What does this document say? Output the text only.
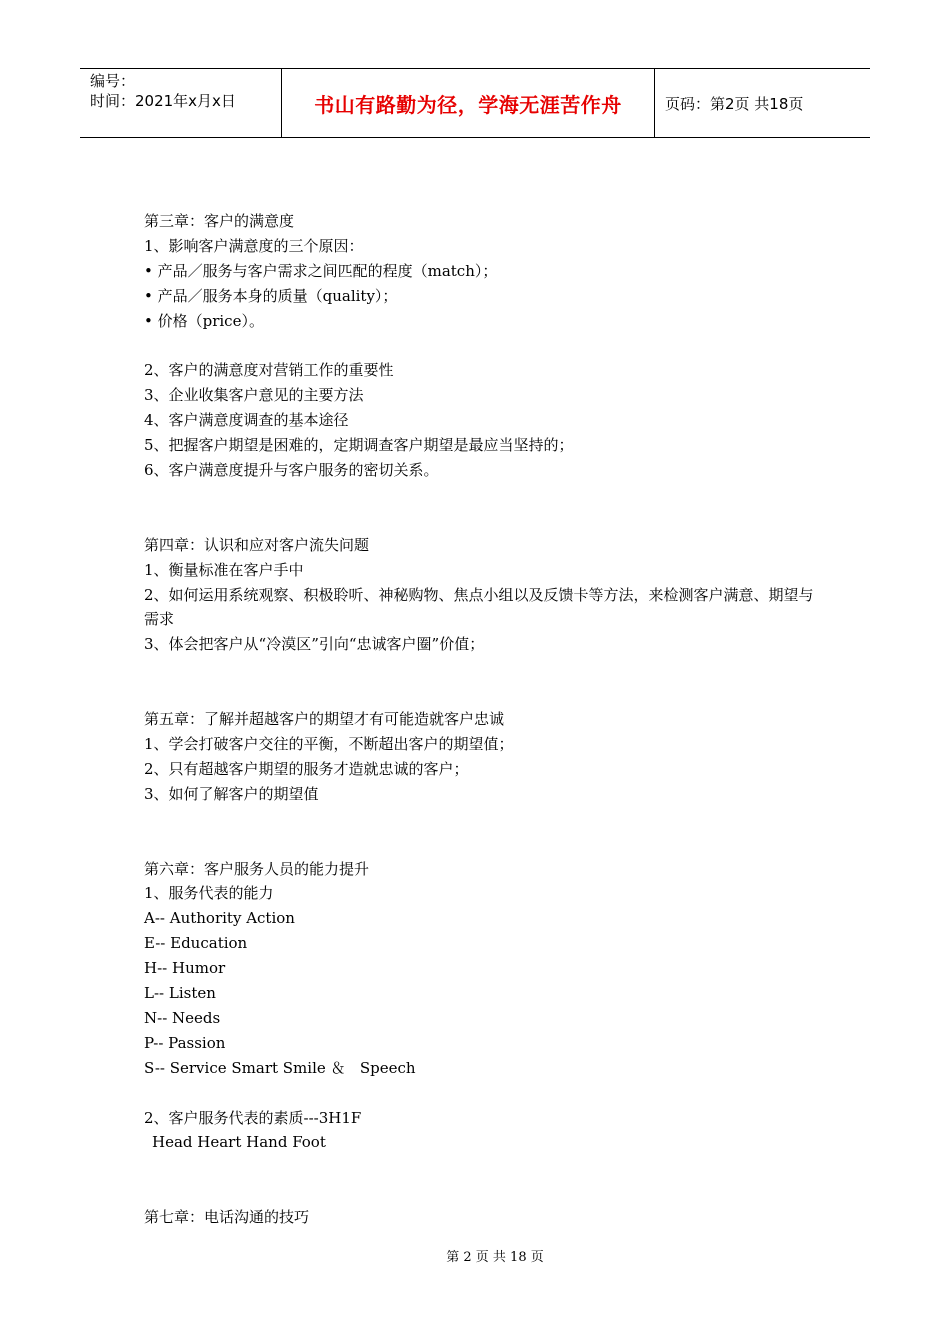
编号：
时间：2021年x月x日	书山有路勤为径，学海无涯苦作舟	页码：第2页 共18页
第三章：客户的满意度
1、影响客户满意度的三个原因：
• 产品／服务与客户需求之间匹配的程度（match）；
• 产品／服务本身的质量（quality）；
• 价格（price）。
2、客户的满意度对营销工作的重要性
3、企业收集客户意见的主要方法
4、客户满意度调查的基本途径
5、把握客户期望是困难的，定期调查客户期望是最应当坚持的；
6、客户满意度提升与客户服务的密切关系。
第四章：认识和应对客户流失问题
1、衡量标准在客户手中
2、如何运用系统观察、积极聆听、神秘购物、焦点小组以及反馈卡等方法，来检测客户满意、期望与需求
3、体会把客户从“冷漠区”引向“忠诚客户圈”价值；
第五章：了解并超越客户的期望才有可能造就客户忠诚
1、学会打破客户交往的平衡，不断超出客户的期望值；
2、只有超越客户期望的服务才造就忠诚的客户；
3、如何了解客户的期望值
第六章：客户服务人员的能力提升
1、服务代表的能力
A-- Authority Action
E-- Education
H-- Humor
L-- Listen
N-- Needs
P-- Passion
S-- Service Smart Smile ＆   Speech
2、客户服务代表的素质---3H1F
Head Heart Hand Foot
第七章：电话沟通的技巧
第 2 页 共 18 页
